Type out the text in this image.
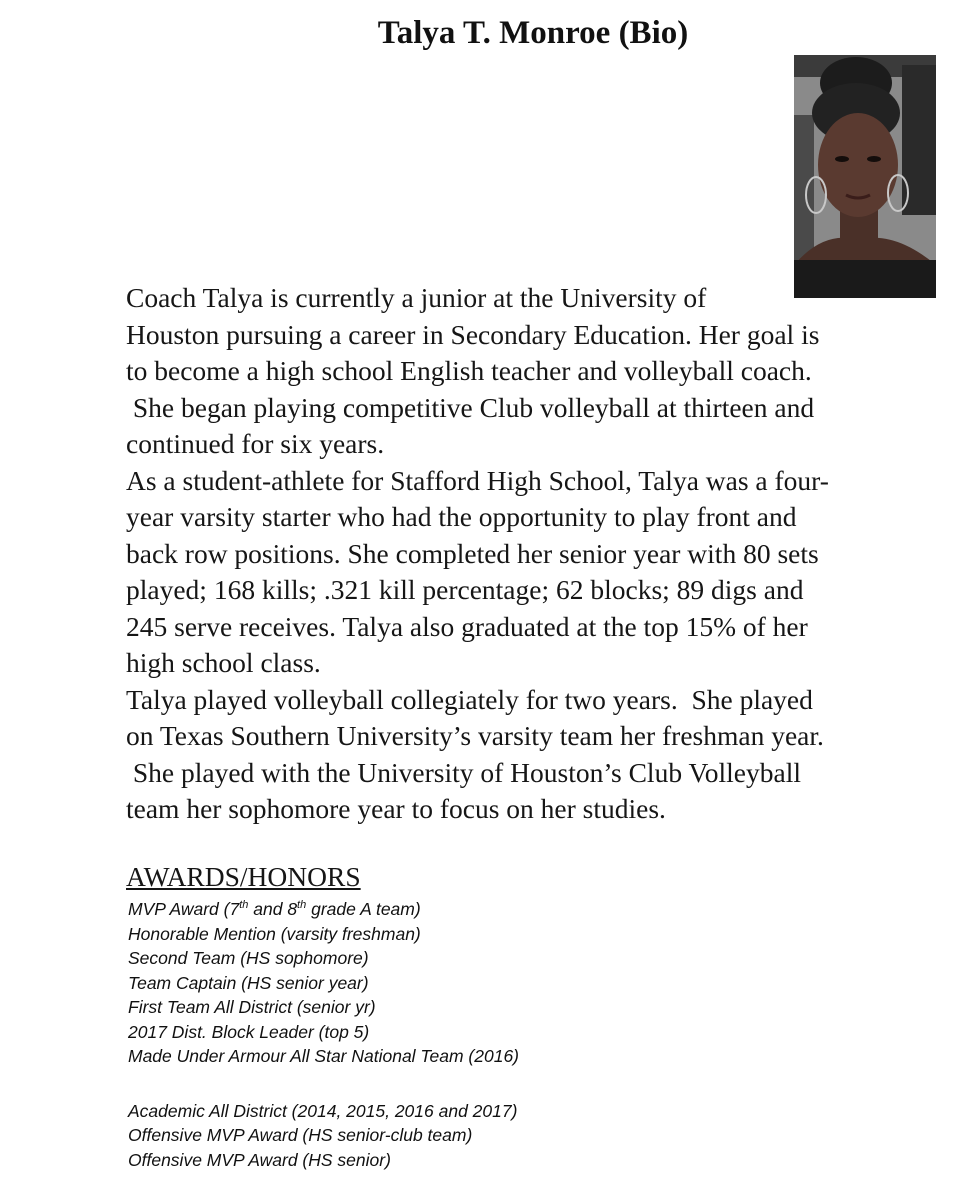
Talya T. Monroe (Bio)
Coach Talya is currently a junior at the University of
Houston pursuing a career in Secondary Education. Her goal is
to become a high school English teacher and volleyball coach.
She began playing competitive Club volleyball at thirteen and
continued for six years.
As a student-athlete for Stafford High School, Talya was a four-
year varsity starter who had the opportunity to play front and
back row positions. She completed her senior year with 80 sets
played; 168 kills; .321 kill percentage; 62 blocks; 89 digs and
245 serve receives. Talya also graduated at the top 15% of her
high school class.
Talya played volleyball collegiately for two years.  She played
on Texas Southern University’s varsity team her freshman year.
She played with the University of Houston’s Club Volleyball
team her sophomore year to focus on her studies.
AWARDS/HONORS
MVP Award (7th and 8th grade A team)
Honorable Mention (varsity freshman)
Second Team (HS sophomore)
Team Captain (HS senior year)
First Team All District (senior yr)
2017 Dist. Block Leader (top 5)
Made Under Armour All Star National Team (2016)
Academic All District (2014, 2015, 2016 and 2017)
Offensive MVP Award (HS senior-club team)
Offensive MVP Award (HS senior)
